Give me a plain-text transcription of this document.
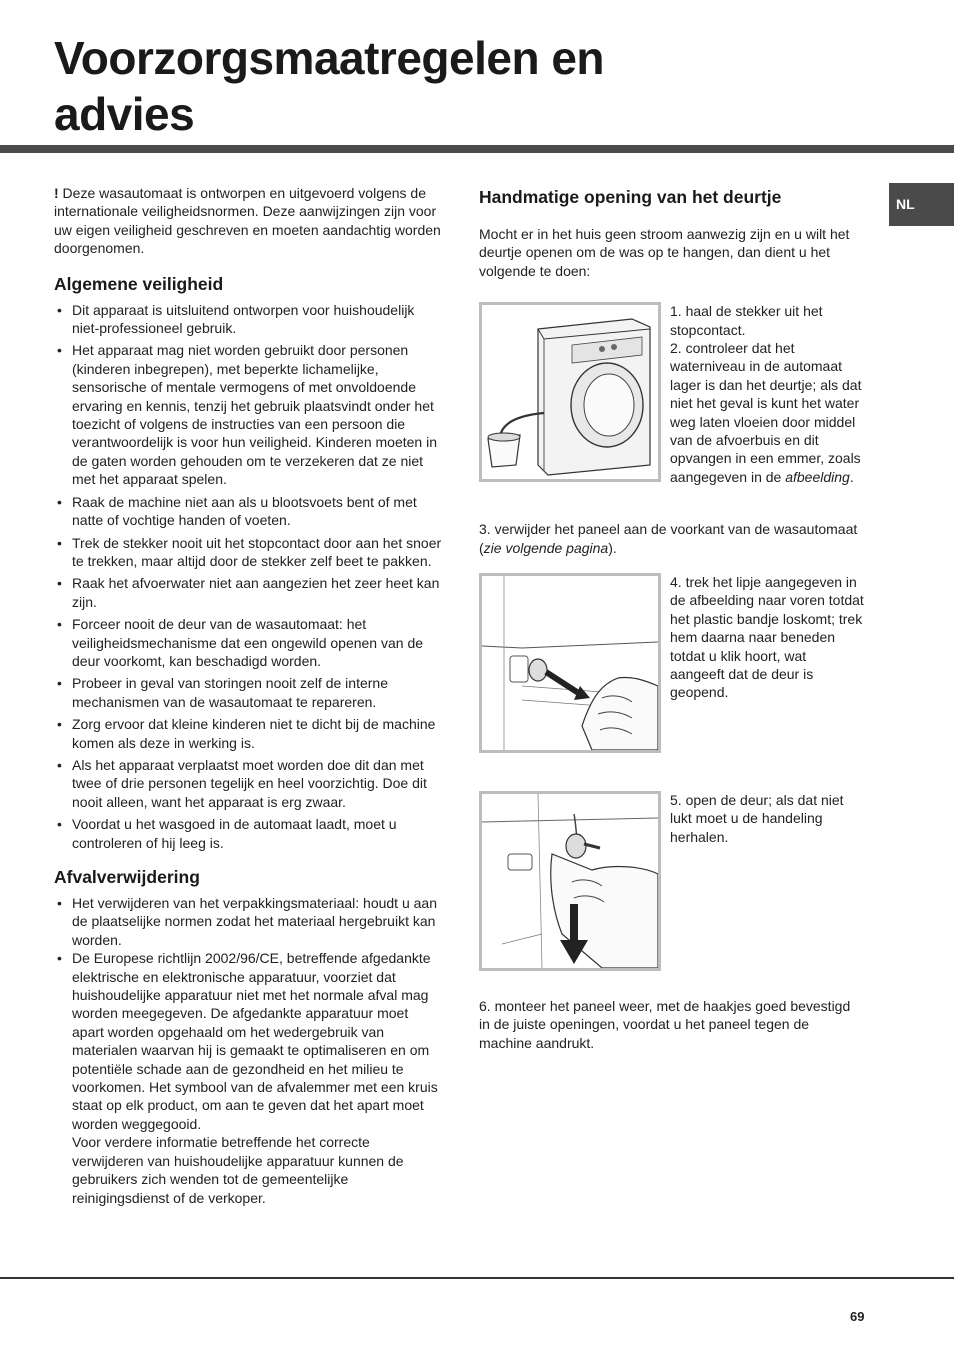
Voorzorgsmaatregelen en
advies
NL

! Deze wasautomaat is ontworpen en uitgevoerd volgens de internationale veiligheidsnormen. Deze aanwijzingen zijn voor uw eigen veiligheid geschreven en moeten aandachtig worden doorgenomen.

Algemene veiligheid
• Dit apparaat is uitsluitend ontworpen voor huishoudelijk niet-professioneel gebruik.
• Het apparaat mag niet worden gebruikt door personen (kinderen inbegrepen), met beperkte lichamelijke, sensorische of mentale vermogens of met onvoldoende ervaring en kennis, tenzij het gebruik plaatsvindt onder het toezicht of volgens de instructies van een persoon die verantwoordelijk is voor hun veiligheid. Kinderen moeten in de gaten worden gehouden om te verzekeren dat ze niet met het apparaat spelen.
• Raak de machine niet aan als u blootsvoets bent of met natte of vochtige handen of voeten.
• Trek de stekker nooit uit het stopcontact door aan het snoer te trekken, maar altijd door de stekker zelf beet te pakken.
• Raak het afvoerwater niet aan aangezien het zeer heet kan zijn.
• Forceer nooit de deur van de wasautomaat: het veiligheidsmechanisme dat een ongewild openen van de deur voorkomt, kan beschadigd worden.
• Probeer in geval van storingen nooit zelf de interne mechanismen van de wasautomaat te repareren.
• Zorg ervoor dat kleine kinderen niet te dicht bij de machine komen als deze in werking is.
• Als het apparaat verplaatst moet worden doe dit dan met twee of drie personen tegelijk en heel voorzichtig. Doe dit nooit alleen, want het apparaat is erg zwaar.
• Voordat u het wasgoed in de automaat laadt, moet u controleren of hij leeg is.
Afvalverwijdering
• Het verwijderen van het verpakkingsmateriaal: houdt u aan de plaatselijke normen zodat het materiaal hergebruikt kan worden.
• De Europese richtlijn 2002/96/CE, betreffende afgedankte elektrische en elektronische apparatuur, voorziet dat huishoudelijke apparatuur niet met het normale afval mag worden meegegeven. De afgedankte apparatuur moet apart worden opgehaald om het wedergebruik van materialen waarvan hij is gemaakt te optimaliseren en om potentiële schade aan de gezondheid en het milieu te voorkomen. Het symbool van de afvalemmer met een kruis staat op elk product, om aan te geven dat het apart moet worden weggegooid.
Voor verdere informatie betreffende het correcte verwijderen van huishoudelijke apparatuur kunnen de gebruikers zich wenden tot de gemeentelijke reinigingsdienst of de verkoper.
Handmatige opening van het deurtje

Mocht er in het huis geen stroom aanwezig zijn en u wilt het deurtje openen om de was op te hangen, dan dient u het volgende te doen:

1. haal de stekker uit het stopcontact.

2. controleer dat het waterniveau in de automaat lager is dan het deurtje; als dat niet het geval is kunt het water weg laten vloeien door middel van de afvoerbuis en dit opvangen in een emmer, zoals aangegeven in de afbeelding.

3. verwijder het paneel aan de voorkant van de wasautomaat (zie volgende pagina).

4. trek het lipje aangegeven in de afbeelding naar voren totdat het plastic bandje loskomt; trek hem daarna naar beneden totdat u klik hoort, wat aangeeft dat de deur is geopend.

5. open de deur; als dat niet lukt moet u de handeling herhalen.

6. monteer het paneel weer, met de haakjes goed bevestigd in de juiste openingen, voordat u het paneel tegen de machine aandrukt.

69
